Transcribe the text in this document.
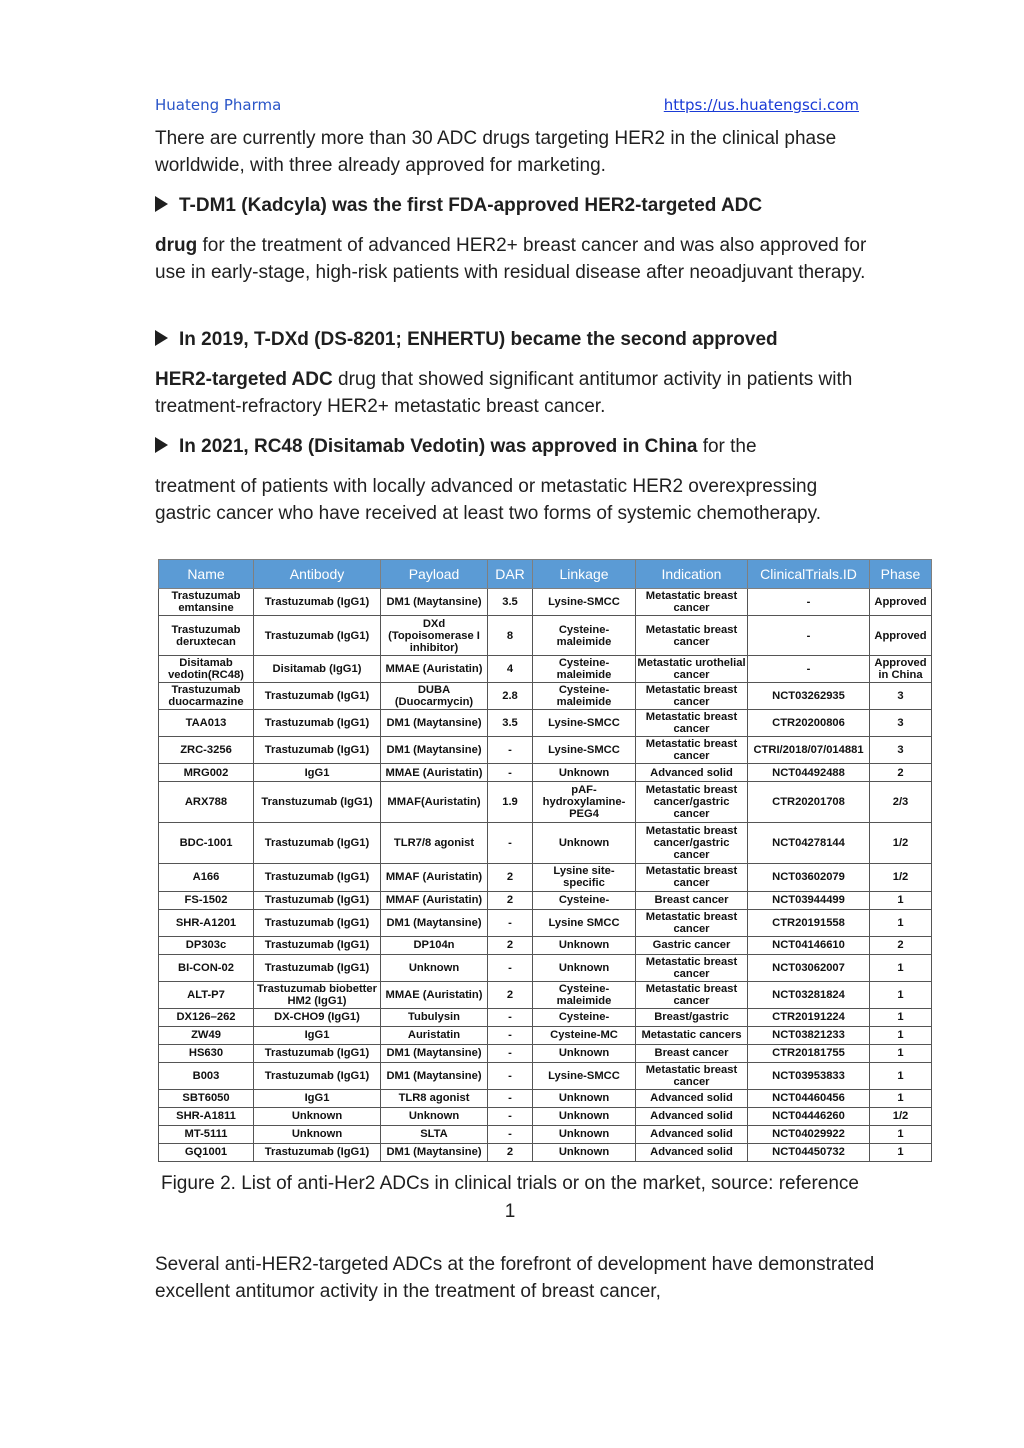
Huateng Pharma	https://us.huatengsci.com

There are currently more than 30 ADC drugs targeting HER2 in the clinical phase worldwide, with three already approved for marketing.

T-DM1 (Kadcyla) was the first FDA-approved HER2-targeted ADC

drug for the treatment of advanced HER2+ breast cancer and was also approved for use in early-stage, high-risk patients with residual disease after neoadjuvant therapy.

In 2019, T-DXd (DS-8201; ENHERTU) became the second approved

HER2-targeted ADC drug that showed significant antitumor activity in patients with treatment-refractory HER2+ metastatic breast cancer.

In 2021, RC48 (Disitamab Vedotin) was approved in China for the

treatment of patients with locally advanced or metastatic HER2 overexpressing gastric cancer who have received at least two forms of systemic chemotherapy.

Name	Antibody	Payload	DAR	Linkage	Indication	ClinicalTrials.ID	Phase
Trastuzumab emtansine	Trastuzumab (IgG1)	DM1 (Maytansine)	3.5	Lysine-SMCC	Metastatic breast cancer	-	Approved
Trastuzumab deruxtecan	Trastuzumab (IgG1)	DXd (Topoisomerase I inhibitor)	8	Cysteine-maleimide	Metastatic breast cancer	-	Approved
Disitamab vedotin(RC48)	Disitamab (IgG1)	MMAE (Auristatin)	4	Cysteine-maleimide	Metastatic urothelial cancer	-	Approved in China
Trastuzumab duocarmazine	Trastuzumab (IgG1)	DUBA (Duocarmycin)	2.8	Cysteine-maleimide	Metastatic breast cancer	NCT03262935	3
TAA013	Trastuzumab (IgG1)	DM1 (Maytansine)	3.5	Lysine-SMCC	Metastatic breast cancer	CTR20200806	3
ZRC-3256	Trastuzumab (IgG1)	DM1 (Maytansine)	-	Lysine-SMCC	Metastatic breast cancer	CTRI/2018/07/014881	3
MRG002	IgG1	MMAE (Auristatin)	-	Unknown	Advanced solid	NCT04492488	2
ARX788	Transtuzumab (IgG1)	MMAF(Auristatin)	1.9	pAF-hydroxylamine-PEG4	Metastatic breast cancer/gastric cancer	CTR20201708	2/3
BDC-1001	Trastuzumab (IgG1)	TLR7/8 agonist	-	Unknown	Metastatic breast cancer/gastric cancer	NCT04278144	1/2
A166	Trastuzumab (IgG1)	MMAF (Auristatin)	2	Lysine site-specific	Metastatic breast cancer	NCT03602079	1/2
FS-1502	Trastuzumab (IgG1)	MMAF (Auristatin)	2	Cysteine-	Breast cancer	NCT03944499	1
SHR-A1201	Trastuzumab (IgG1)	DM1 (Maytansine)	-	Lysine SMCC	Metastatic breast cancer	CTR20191558	1
DP303c	Trastuzumab (IgG1)	DP104n	2	Unknown	Gastric cancer	NCT04146610	2
BI-CON-02	Trastuzumab (IgG1)	Unknown	-	Unknown	Metastatic breast cancer	NCT03062007	1
ALT-P7	Trastuzumab biobetter HM2 (IgG1)	MMAE (Auristatin)	2	Cysteine-maleimide	Metastatic breast cancer	NCT03281824	1
DX126–262	DX-CHO9 (IgG1)	Tubulysin	-	Cysteine-	Breast/gastric	CTR20191224	1
ZW49	IgG1	Auristatin	-	Cysteine-MC	Metastatic cancers	NCT03821233	1
HS630	Trastuzumab (IgG1)	DM1 (Maytansine)	-	Unknown	Breast cancer	CTR20181755	1
B003	Trastuzumab (IgG1)	DM1 (Maytansine)	-	Lysine-SMCC	Metastatic breast cancer	NCT03953833	1
SBT6050	IgG1	TLR8 agonist	-	Unknown	Advanced solid	NCT04460456	1
SHR-A1811	Unknown	Unknown	-	Unknown	Advanced solid	NCT04446260	1/2
MT-5111	Unknown	SLTA	-	Unknown	Advanced solid	NCT04029922	1
GQ1001	Trastuzumab (IgG1)	DM1 (Maytansine)	2	Unknown	Advanced solid	NCT04450732	1

Figure 2. List of anti-Her2 ADCs in clinical trials or on the market, source: reference 1

Several anti-HER2-targeted ADCs at the forefront of development have demonstrated excellent antitumor activity in the treatment of breast cancer,
